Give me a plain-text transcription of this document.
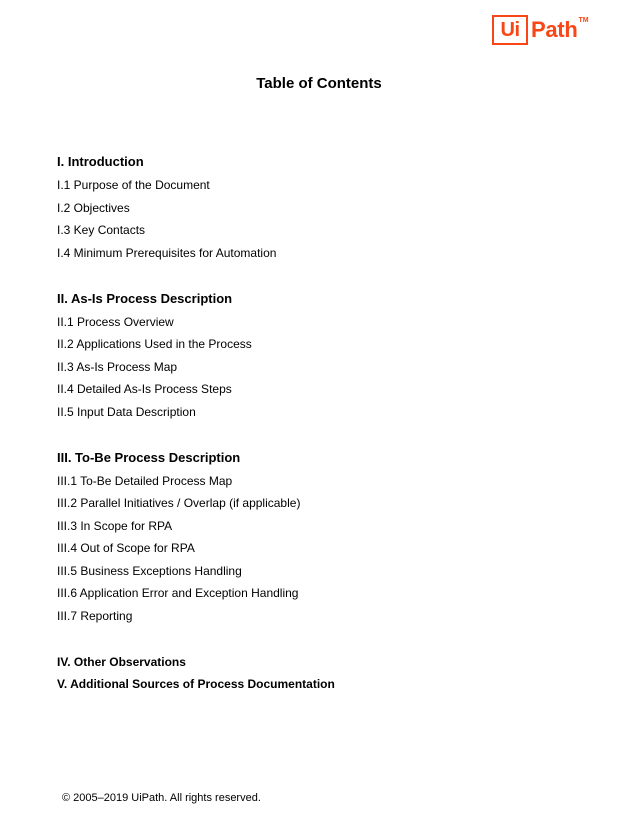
Ui Path TM
Table of Contents
I. Introduction
I.1 Purpose of the Document
I.2 Objectives
I.3 Key Contacts
I.4 Minimum Prerequisites for Automation
II. As-Is Process Description
II.1 Process Overview
II.2 Applications Used in the Process
II.3 As-Is Process Map
II.4 Detailed As-Is Process Steps
II.5 Input Data Description
III. To-Be Process Description
III.1 To-Be Detailed Process Map
III.2 Parallel Initiatives / Overlap (if applicable)
III.3 In Scope for RPA
III.4 Out of Scope for RPA
III.5 Business Exceptions Handling
III.6 Application Error and Exception Handling
III.7 Reporting
IV. Other Observations
V. Additional Sources of Process Documentation
© 2005–2019 UiPath. All rights reserved.
